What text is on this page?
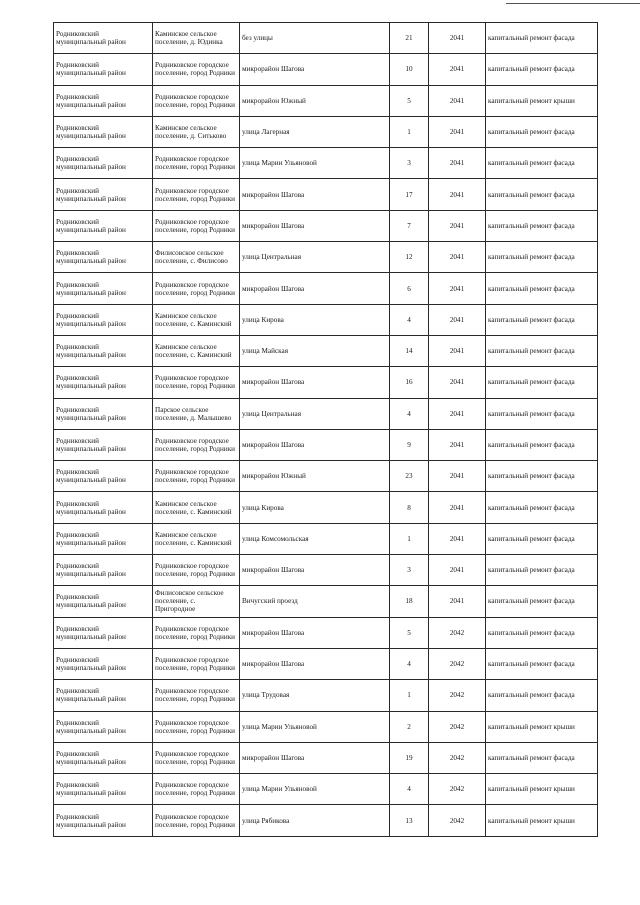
Родниковский муниципальный район	Каминское сельское поселение, д. Юдинка	без улицы	21	2041	капитальный ремонт фасада
Родниковский муниципальный район	Родниковское городское поселение, город Родники	микрорайон Шагова	10	2041	капитальный ремонт фасада
Родниковский муниципальный район	Родниковское городское поселение, город Родники	микрорайон Южный	5	2041	капитальный ремонт крыши
Родниковский муниципальный район	Каминское сельское поселение, д. Ситьково	улица Лагерная	1	2041	капитальный ремонт фасада
Родниковский муниципальный район	Родниковское городское поселение, город Родники	улица Марии Ульяновой	3	2041	капитальный ремонт фасада
Родниковский муниципальный район	Родниковское городское поселение, город Родники	микрорайон Шагова	17	2041	капитальный ремонт фасада
Родниковский муниципальный район	Родниковское городское поселение, город Родники	микрорайон Шагова	7	2041	капитальный ремонт фасада
Родниковский муниципальный район	Филисовское сельское поселение, с. Филисово	улица Центральная	12	2041	капитальный ремонт фасада
Родниковский муниципальный район	Родниковское городское поселение, город Родники	микрорайон Шагова	6	2041	капитальный ремонт фасада
Родниковский муниципальный район	Каминское сельское поселение, с. Каминский	улица Кирова	4	2041	капитальный ремонт фасада
Родниковский муниципальный район	Каминское сельское поселение, с. Каминский	улица Майская	14	2041	капитальный ремонт фасада
Родниковский муниципальный район	Родниковское городское поселение, город Родники	микрорайон Шагова	16	2041	капитальный ремонт фасада
Родниковский муниципальный район	Парское сельское поселение, д. Малышево	улица Центральная	4	2041	капитальный ремонт фасада
Родниковский муниципальный район	Родниковское городское поселение, город Родники	микрорайон Шагова	9	2041	капитальный ремонт фасада
Родниковский муниципальный район	Родниковское городское поселение, город Родники	микрорайон Южный	23	2041	капитальный ремонт фасада
Родниковский муниципальный район	Каминское сельское поселение, с. Каминский	улица Кирова	8	2041	капитальный ремонт фасада
Родниковский муниципальный район	Каминское сельское поселение, с. Каминский	улица Комсомольская	1	2041	капитальный ремонт фасада
Родниковский муниципальный район	Родниковское городское поселение, город Родники	микрорайон Шагова	3	2041	капитальный ремонт фасада
Родниковский муниципальный район	Филисовское сельское поселение, с. Пригородное	Вичугский проезд	18	2041	капитальный ремонт фасада
Родниковский муниципальный район	Родниковское городское поселение, город Родники	микрорайон Шагова	5	2042	капитальный ремонт фасада
Родниковский муниципальный район	Родниковское городское поселение, город Родники	микрорайон Шагова	4	2042	капитальный ремонт фасада
Родниковский муниципальный район	Родниковское городское поселение, город Родники	улица Трудовая	1	2042	капитальный ремонт фасада
Родниковский муниципальный район	Родниковское городское поселение, город Родники	улица Марии Ульяновой	2	2042	капитальный ремонт крыши
Родниковский муниципальный район	Родниковское городское поселение, город Родники	микрорайон Шагова	19	2042	капитальный ремонт фасада
Родниковский муниципальный район	Родниковское городское поселение, город Родники	улица Марии Ульяновой	4	2042	капитальный ремонт крыши
Родниковский муниципальный район	Родниковское городское поселение, город Родники	улица Рябикова	13	2042	капитальный ремонт крыши
